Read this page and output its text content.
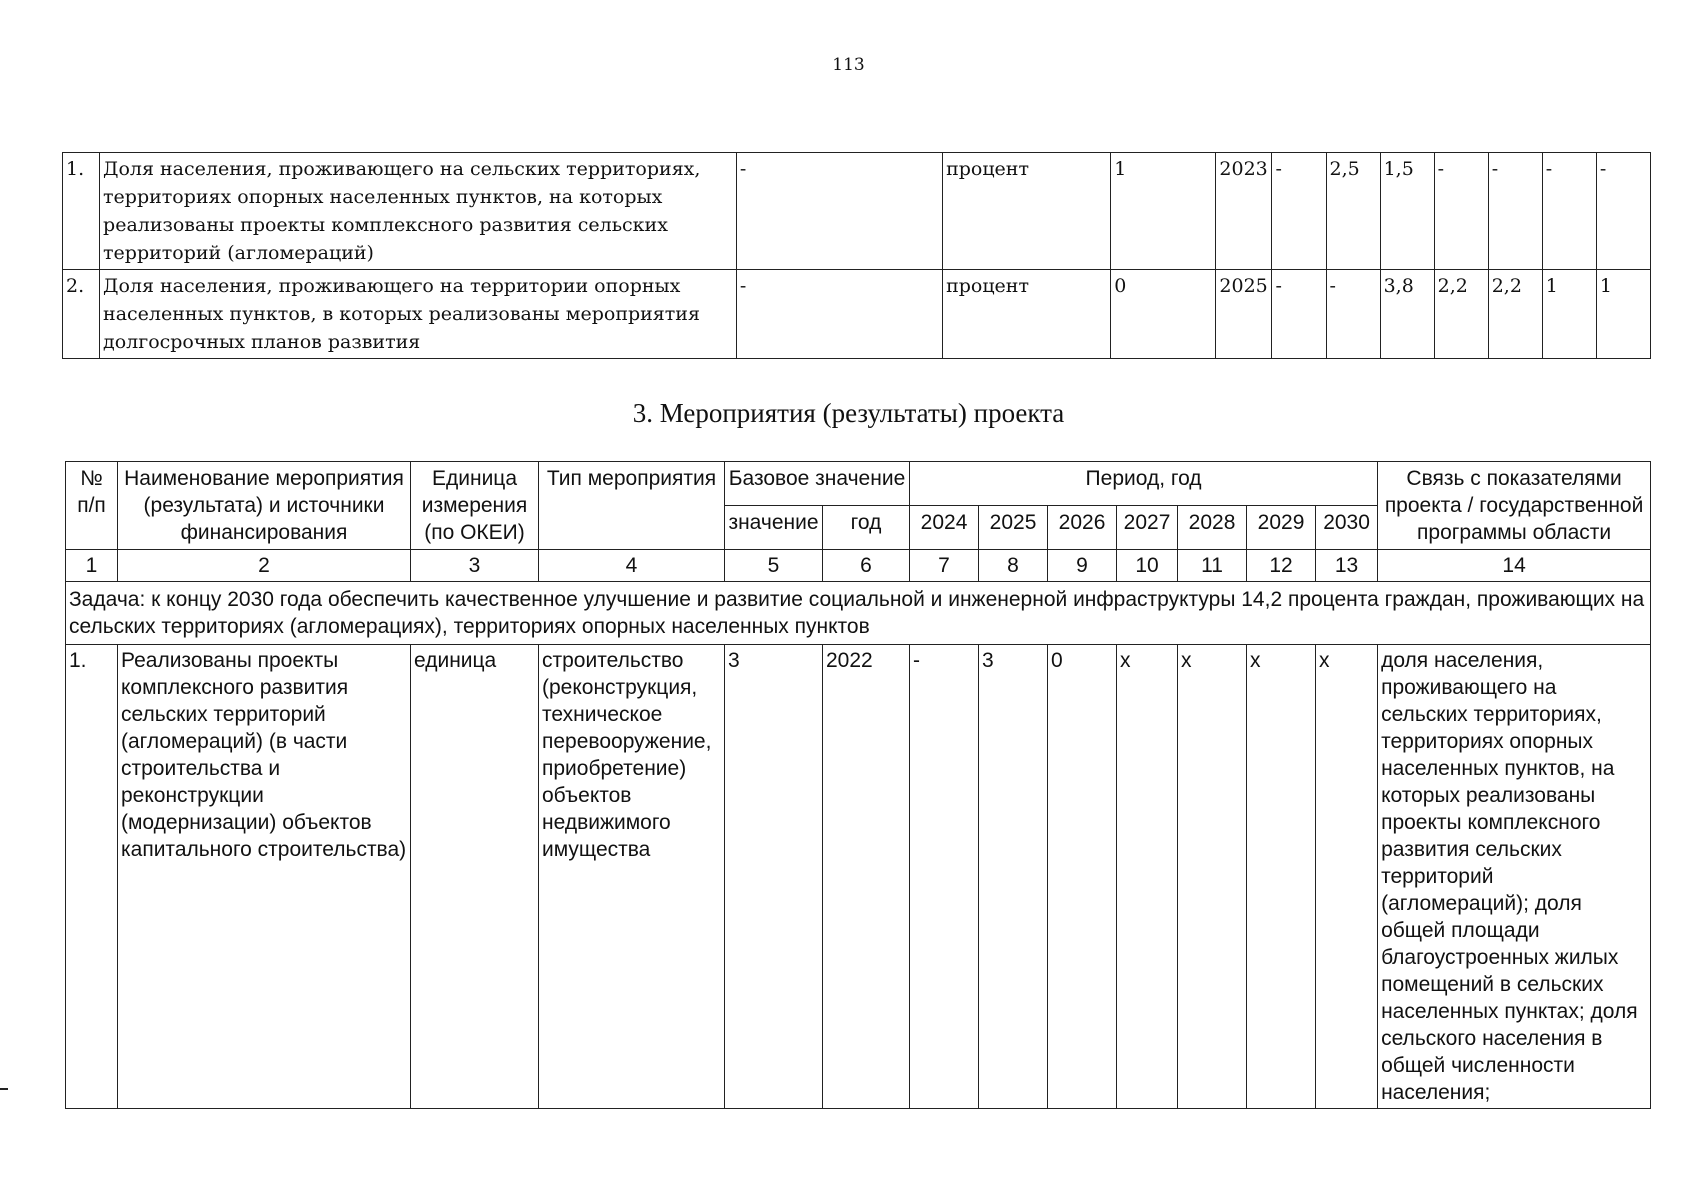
113
1.	Доля населения, проживающего на сельских территориях, территориях опорных населенных пунктов, на которых реализованы проекты комплексного развития сельских территорий (агломераций)	-	процент	1	2023	-	2,5	1,5	-	-	-	-
2.	Доля населения, проживающего на территории опорных населенных пунктов, в которых реализованы мероприятия долгосрочных планов развития	-	процент	0	2025	-	-	3,8	2,2	2,2	1	1
3. Мероприятия (результаты) проекта
№ п/п	Наименование мероприятия (результата) и источники финансирования	Единица измерения (по ОКЕИ)	Тип мероприятия	Базовое значение		Период, год							Связь с показателями проекта / государственной программы области
				значение	год	2024	2025	2026	2027	2028	2029	2030	
1	2	3	4	5	6	7	8	9	10	11	12	13	14
Задача: к концу 2030 года обеспечить качественное улучшение и развитие социальной и инженерной инфраструктуры 14,2 процента граждан, проживающих на сельских территориях (агломерациях), территориях опорных населенных пунктов													
1.	Реализованы проекты комплексного развития сельских территорий (агломераций) (в части строительства и реконструкции (модернизации) объектов капитального строительства)	единица	строительство (реконструкция, техническое перевооружение, приобретение) объектов недвижимого имущества	3	2022	-	3	0	х	х	х	х	доля населения, проживающего на сельских территориях, территориях опорных населенных пунктов, на которых реализованы проекты комплексного развития сельских территорий (агломераций); доля общей площади благоустроенных жилых помещений в сельских населенных пунктах; доля сельского населения в общей численности населения;
